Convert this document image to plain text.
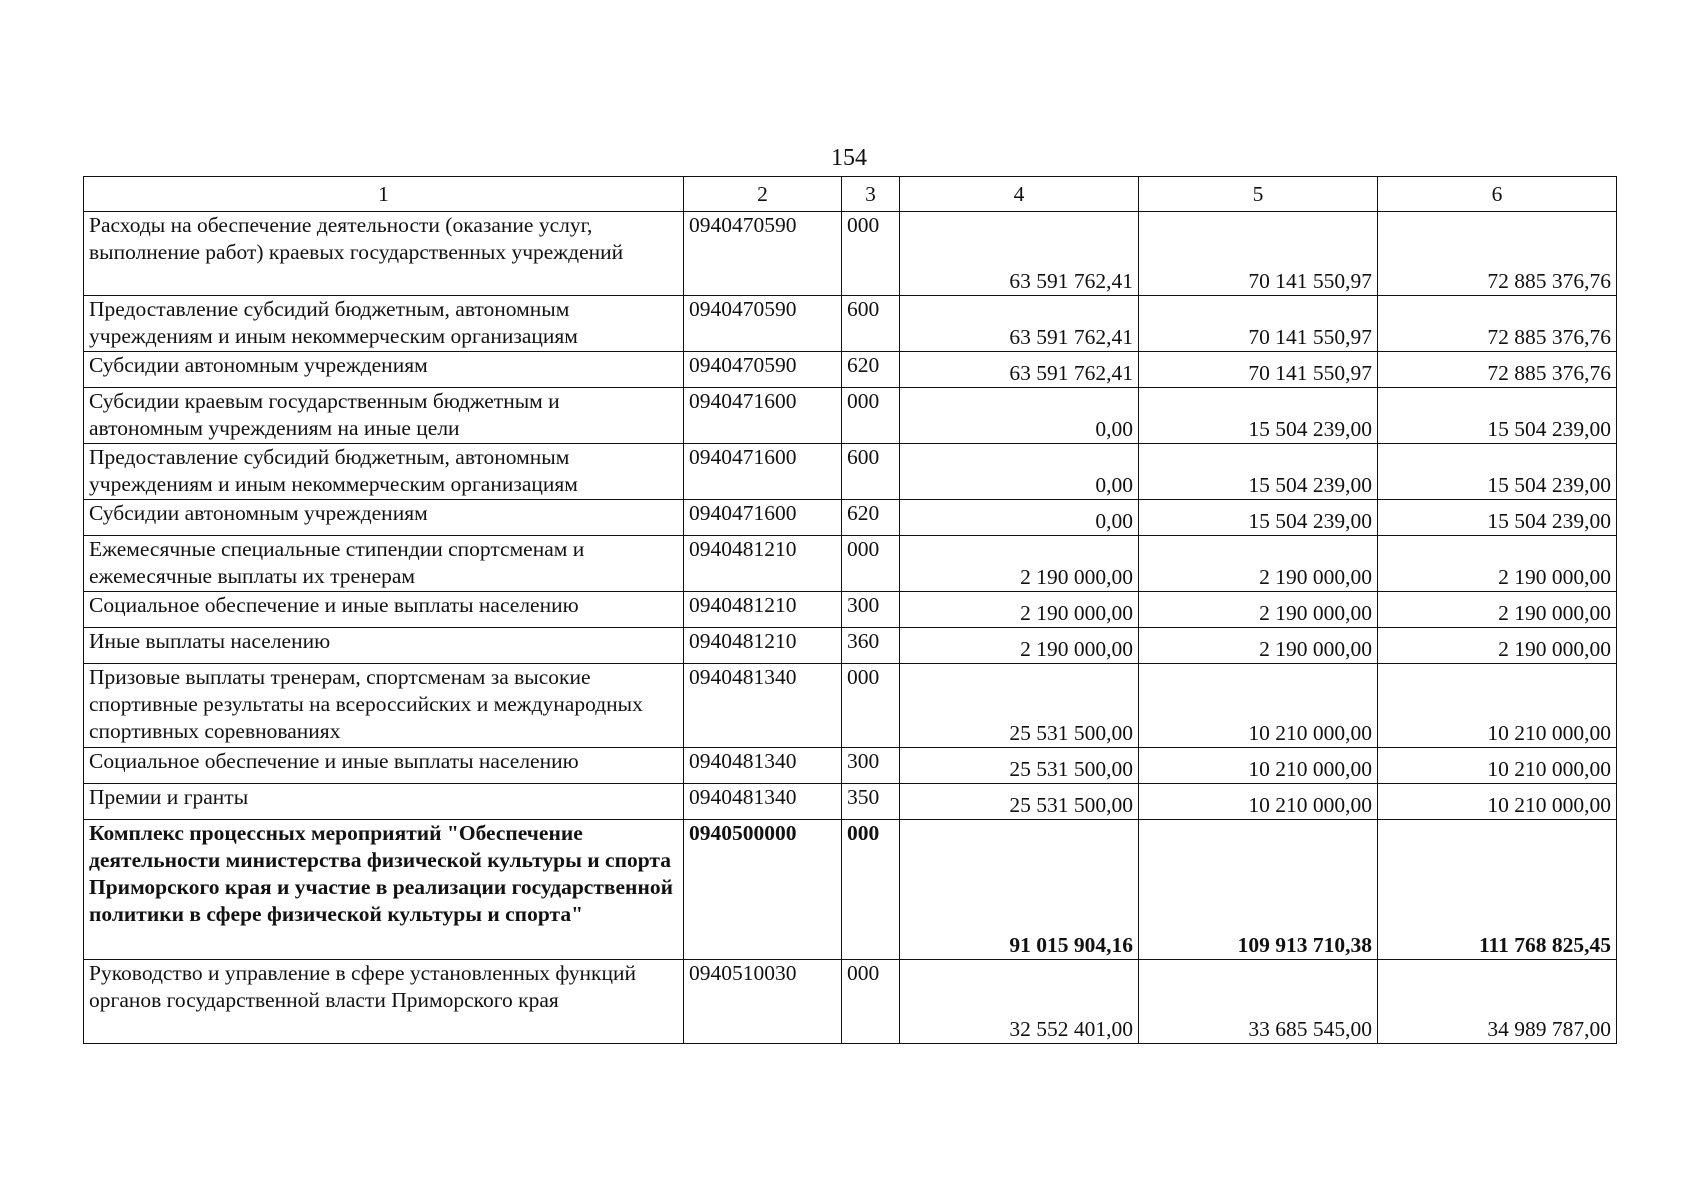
154
1	2	3	4	5	6
Расходы на обеспечение деятельности (оказание услуг, выполнение работ) краевых государственных учреждений	0940470590	000	63 591 762,41	70 141 550,97	72 885 376,76
Предоставление субсидий бюджетным, автономным учреждениям и иным некоммерческим организациям	0940470590	600	63 591 762,41	70 141 550,97	72 885 376,76
Субсидии автономным учреждениям	0940470590	620	63 591 762,41	70 141 550,97	72 885 376,76
Субсидии краевым государственным бюджетным и автономным учреждениям на иные цели	0940471600	000	0,00	15 504 239,00	15 504 239,00
Предоставление субсидий бюджетным, автономным учреждениям и иным некоммерческим организациям	0940471600	600	0,00	15 504 239,00	15 504 239,00
Субсидии автономным учреждениям	0940471600	620	0,00	15 504 239,00	15 504 239,00
Ежемесячные специальные стипендии спортсменам и ежемесячные выплаты их тренерам	0940481210	000	2 190 000,00	2 190 000,00	2 190 000,00
Социальное обеспечение и иные выплаты населению	0940481210	300	2 190 000,00	2 190 000,00	2 190 000,00
Иные выплаты населению	0940481210	360	2 190 000,00	2 190 000,00	2 190 000,00
Призовые выплаты тренерам, спортсменам за высокие спортивные результаты на всероссийских и международных спортивных соревнованиях	0940481340	000	25 531 500,00	10 210 000,00	10 210 000,00
Социальное обеспечение и иные выплаты населению	0940481340	300	25 531 500,00	10 210 000,00	10 210 000,00
Премии и гранты	0940481340	350	25 531 500,00	10 210 000,00	10 210 000,00
Комплекс процессных мероприятий "Обеспечение деятельности министерства физической культуры и спорта Приморского края и участие в реализации государственной политики в сфере физической культуры и спорта"	0940500000	000	91 015 904,16	109 913 710,38	111 768 825,45
Руководство и управление в сфере установленных функций органов государственной власти Приморского края	0940510030	000	32 552 401,00	33 685 545,00	34 989 787,00
